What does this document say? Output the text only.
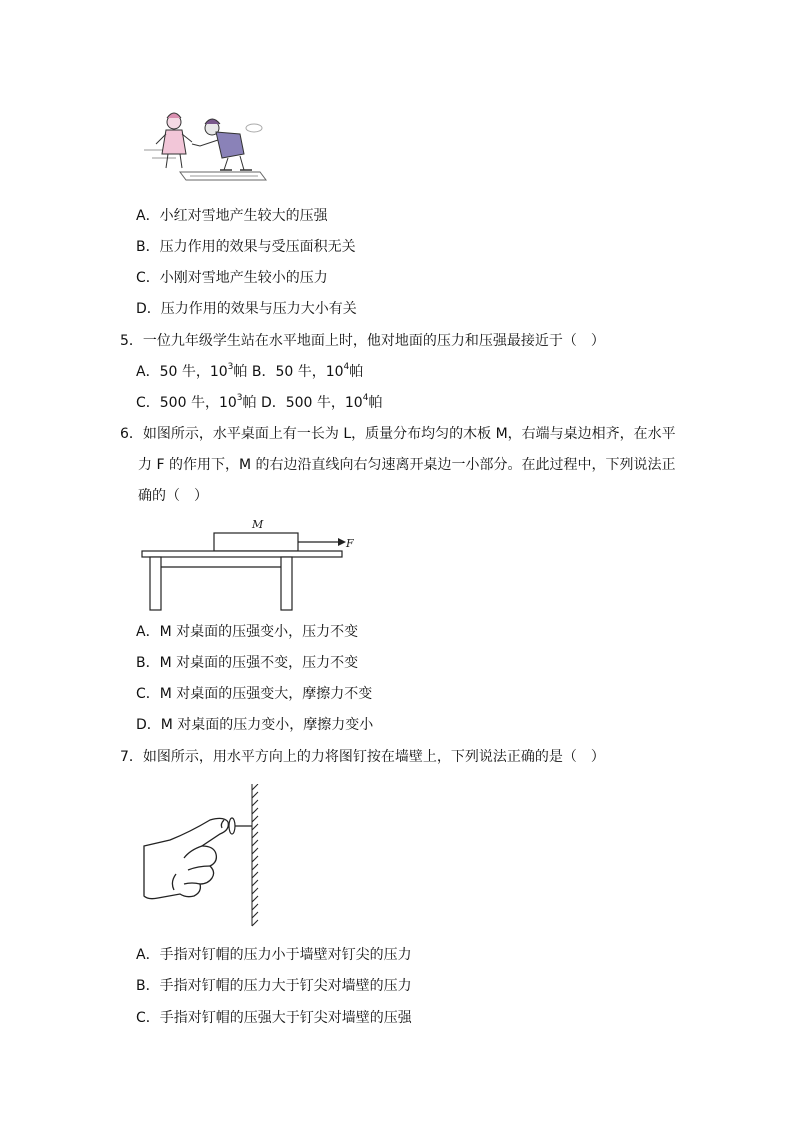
A．小红对雪地产生较大的压强
B．压力作用的效果与受压面积无关
C．小刚对雪地产生较小的压力
D．压力作用的效果与压力大小有关
5．一位九年级学生站在水平地面上时，他对地面的压力和压强最接近于（　）
A．50 牛，$10^3$帕 B．50 牛，$10^4$帕
C．500 牛，$10^3$帕 D．500 牛，$10^4$帕
6．如图所示，水平桌面上有一长为 L，质量分布均匀的木板 M，右端与桌边相齐，在水平
力 F 的作用下，M 的右边沿直线向右匀速离开桌边一小部分。在此过程中，下列说法正
确的（　）
M
F
A．M 对桌面的压强变小，压力不变
B．M 对桌面的压强不变，压力不变
C．M 对桌面的压强变大，摩擦力不变
D．M 对桌面的压力变小，摩擦力变小
7．如图所示，用水平方向上的力将图钉按在墙壁上，下列说法正确的是（　）
A．手指对钉帽的压力小于墙壁对钉尖的压力
B．手指对钉帽的压力大于钉尖对墙壁的压力
C．手指对钉帽的压强大于钉尖对墙壁的压强
